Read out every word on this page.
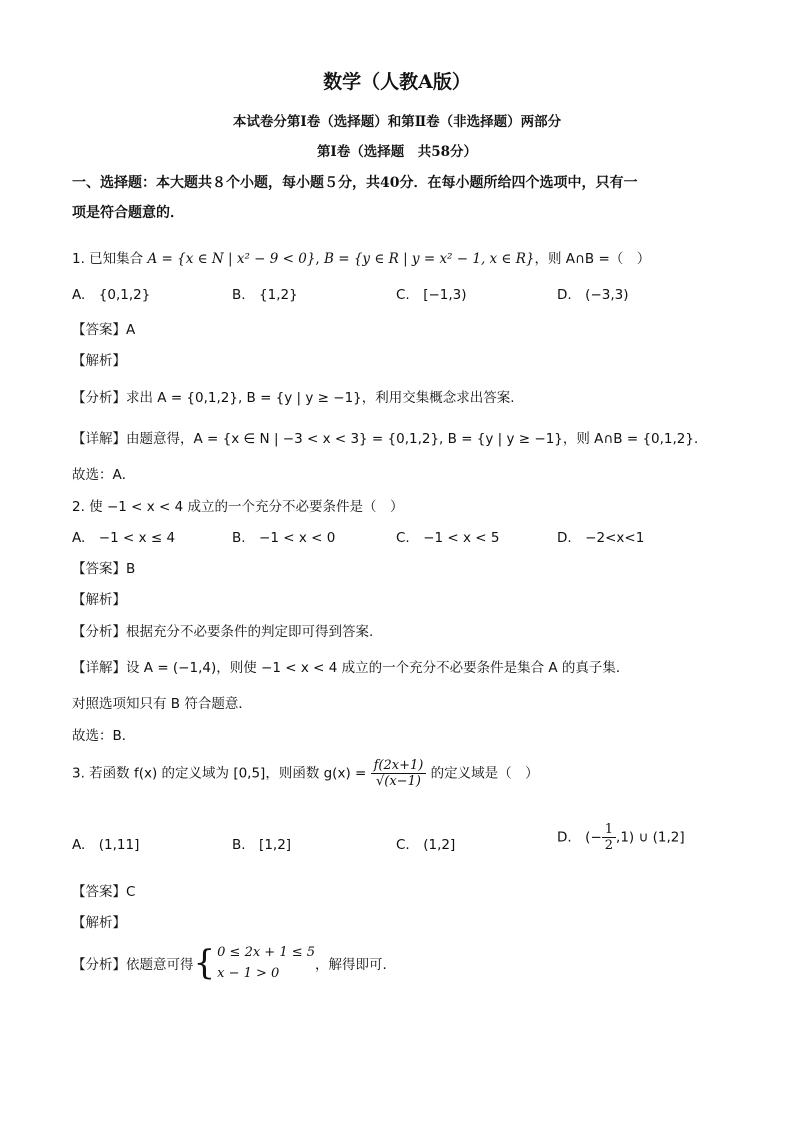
数学（人教A版）
本试卷分第Ⅰ卷（选择题）和第Ⅱ卷（非选择题）两部分
第Ⅰ卷（选择题　共58分）
一、选择题：本大题共８个小题，每小题５分，共40分．在每小题所给四个选项中，只有一
项是符合题意的．
1. 已知集合 A = {x ∈ N | x² − 9 < 0}, B = {y ∈ R | y = x² − 1, x ∈ R}，则 A∩B =（　）
A.　{0,1,2}	B.　{1,2}	C.　[−1,3)	D.　(−3,3)
【答案】A
【解析】
【分析】求出 A = {0,1,2}, B = {y | y ≥ −1}，利用交集概念求出答案.
【详解】由题意得，A = {x ∈ N | −3 < x < 3} = {0,1,2}, B = {y | y ≥ −1}，则 A∩B = {0,1,2}．
故选：A．
2. 使 −1 < x < 4 成立的一个充分不必要条件是（　）
A.　−1 < x ≤ 4	B.　−1 < x < 0	C.　−1 < x < 5	D.　−2<x<1
【答案】B
【解析】
【分析】根据充分不必要条件的判定即可得到答案.
【详解】设 A = (−1,4)，则使 −1 < x < 4 成立的一个充分不必要条件是集合 A 的真子集．
对照选项知只有 B 符合题意．
故选：B．
3. 若函数 f(x) 的定义域为 [0,5]，则函数 $g(x) = \frac{f(2x+1)}{√(x-1)}$ 的定义域是（　）
A.　(1,11]	B.　[1,2]	C.　(1,2]	D.　(− $\frac{1}{2} ,1$) ∪ (1,2]
【答案】C
【解析】
【分析】依题意可得{ 0 ≤ 2x + 1 ≤ 5
x − 1 > 0
，解得即可.
